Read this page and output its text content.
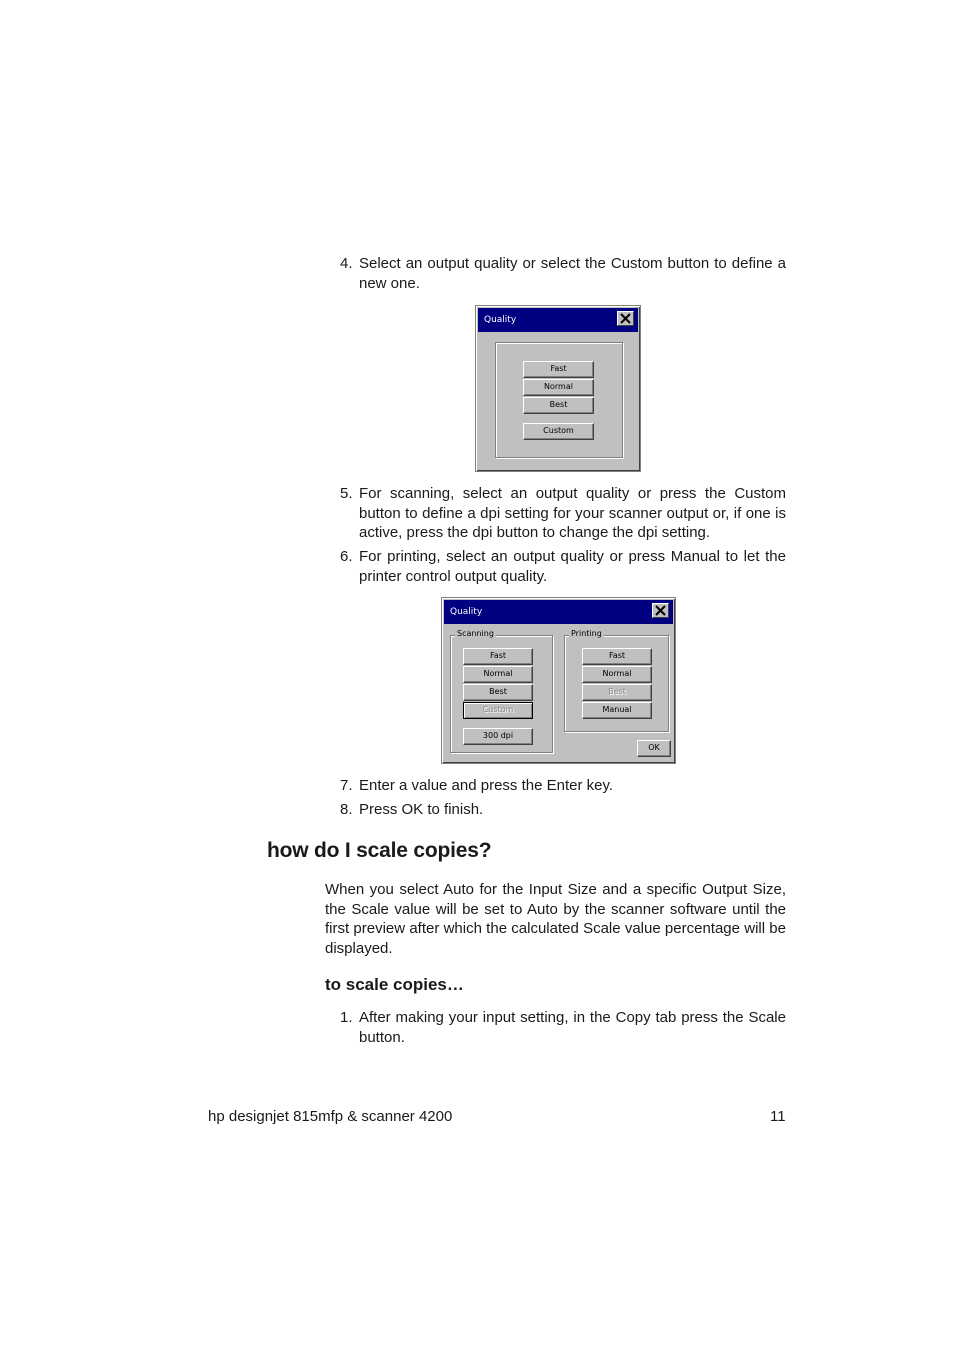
4. Select an output quality or select the Custom button to define a new one.
Quality
Fast
Normal
Best
Custom
5. For scanning, select an output quality or press the Custom button to define a dpi setting for your scanner output or, if one is active, press the dpi button to change the dpi setting.
6. For printing, select an output quality or press Manual to let the printer control output quality.
Quality
Scanning
Fast
Normal
Best
Custom
300 dpi
Printing
Fast
Normal
Best
Manual
OK
7. Enter a value and press the Enter key.
8. Press OK to finish.
how do I scale copies?
When you select Auto for the Input Size and a specific Output Size, the Scale value will be set to Auto by the scanner software until the first preview after which the calculated Scale value percentage will be displayed.
to scale copies…
1. After making your input setting, in the Copy tab press the Scale button.
hp designjet 815mfp & scanner 4200	11
